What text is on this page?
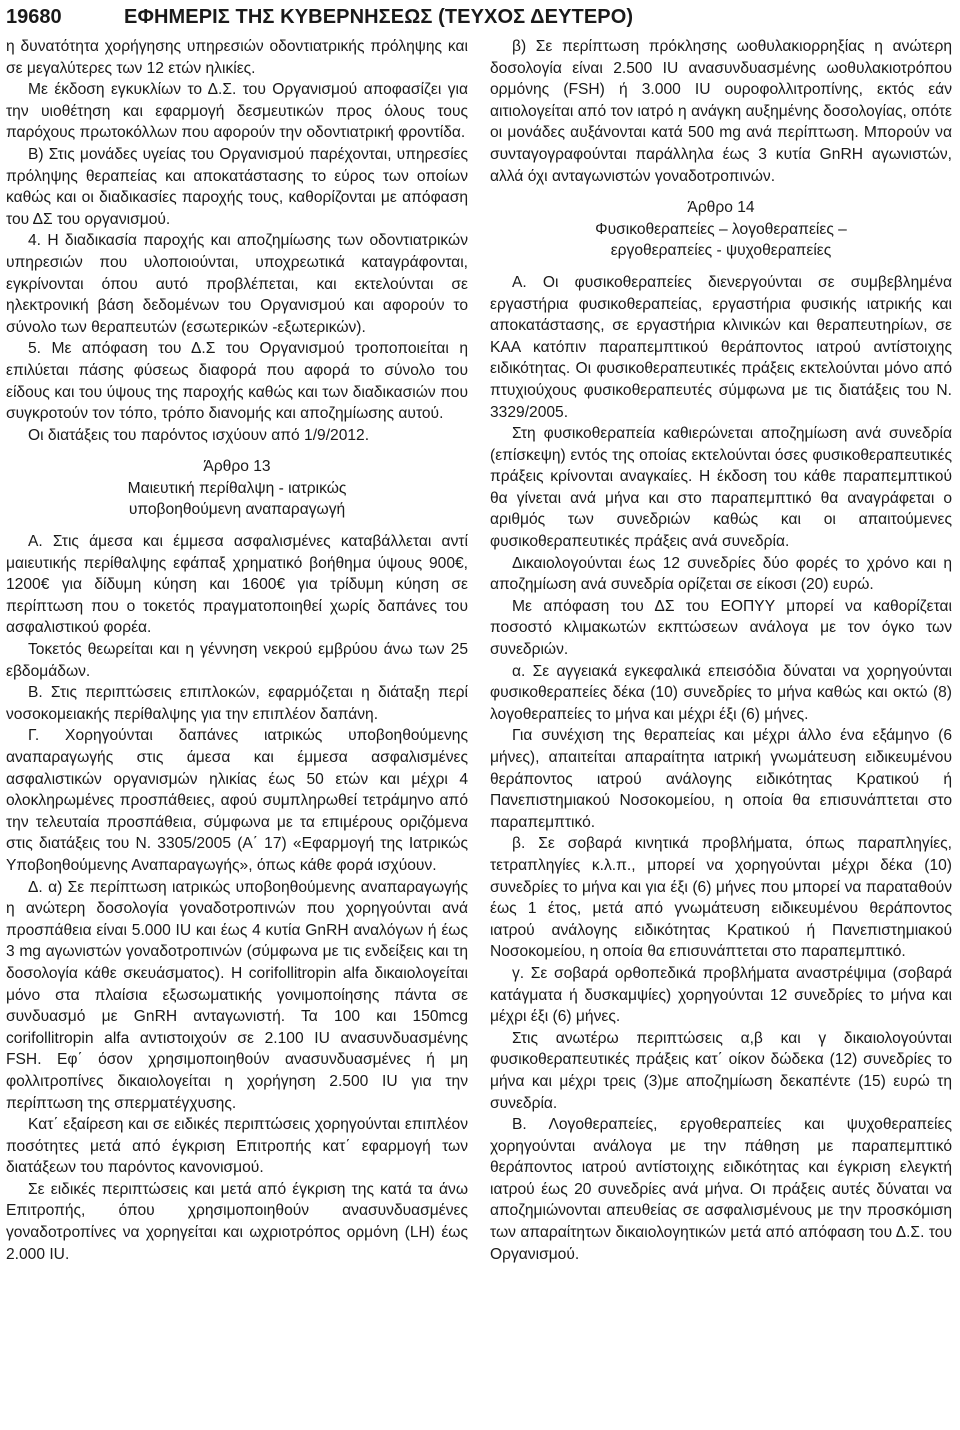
19680	ΕΦΗΜΕΡΙΣ ΤΗΣ ΚΥΒΕΡΝΗΣΕΩΣ (ΤΕΥΧΟΣ ΔΕΥΤΕΡΟ)

η δυνατότητα χορήγησης υπηρεσιών οδοντιατρικής πρόληψης και σε μεγαλύτερες των 12 ετών ηλικίες.

Με έκδοση εγκυκλίων το Δ.Σ. του Οργανισμού αποφασίζει για την υιοθέτηση και εφαρμογή δεσμευτικών προς όλους τους παρόχους πρωτοκόλλων που αφορούν την οδοντιατρική φροντίδα.

Β) Στις μονάδες υγείας του Οργανισμού παρέχονται, υπηρεσίες πρόληψης θεραπείας και αποκατάστασης το εύρος των οποίων καθώς και οι διαδικασίες παροχής τους, καθορίζονται με απόφαση του ΔΣ του οργανισμού.

4. Η διαδικασία παροχής και αποζημίωσης των οδοντιατρικών υπηρεσιών που υλοποιούνται, υποχρεωτικά καταγράφονται, εγκρίνονται όπου αυτό προβλέπεται, και εκτελούνται σε ηλεκτρονική βάση δεδομένων του Οργανισμού και αφορούν το σύνολο των θεραπευτών (εσωτερικών -εξωτερικών).

5. Με απόφαση του Δ.Σ του Οργανισμού τροποποιείται η επιλύεται πάσης φύσεως διαφορά που αφορά το σύνολο του είδους και του ύψους της παροχής καθώς και των διαδικασιών που συγκροτούν τον τόπο, τρόπο διανομής και αποζημίωσης αυτού.

Οι διατάξεις του παρόντος ισχύουν από 1/9/2012.

Άρθρο 13

Μαιευτική περίθαλψη - ιατρικώς

υποβοηθούμενη αναπαραγωγή

Α. Στις άμεσα και έμμεσα ασφαλισμένες καταβάλλεται αντί μαιευτικής περίθαλψης εφάπαξ χρηματικό βοήθημα ύψους 900€, 1200€ για δίδυμη κύηση και 1600€ για τρίδυμη κύηση σε περίπτωση που ο τοκετός πραγματοποιηθεί χωρίς δαπάνες του ασφαλιστικού φορέα.

Τοκετός θεωρείται και η γέννηση νεκρού εμβρύου άνω των 25 εβδομάδων.

Β. Στις περιπτώσεις επιπλοκών, εφαρμόζεται η διάταξη περί νοσοκομειακής περίθαλψης για την επιπλέον δαπάνη.

Γ. Χορηγούνται δαπάνες ιατρικώς υποβοηθούμενης αναπαραγωγής στις άμεσα και έμμεσα ασφαλισμένες ασφαλιστικών οργανισμών ηλικίας έως 50 ετών και μέχρι 4 ολοκληρωμένες προσπάθειες, αφού συμπληρωθεί τετράμηνο από την τελευταία προσπάθεια, σύμφωνα με τα επιμέρους οριζόμενα στις διατάξεις του Ν. 3305/2005 (Α΄ 17) «Εφαρμογή της Ιατρικώς Υποβοηθούμενης Αναπαραγωγής», όπως κάθε φορά ισχύουν.

Δ. α) Σε περίπτωση ιατρικώς υποβοηθούμενης αναπαραγωγής η ανώτερη δοσολογία γοναδοτροπινών που χορηγούνται ανά προσπάθεια είναι 5.000 IU και έως 4 κυτία GnRH αναλόγων ή έως 3 mg αγωνιστών γοναδοτροπινών (σύμφωνα με τις ενδείξεις και τη δοσολογία κάθε σκευάσματος). Η corifollitropin alfa δικαιολογείται μόνο στα πλαίσια εξωσωματικής γονιμοποίησης πάντα σε συνδυασμό με GnRH ανταγωνιστή. Τα 100 και 150mcg corifollitropin alfa αντιστοιχούν σε 2.100 IU ανασυνδυασμένης FSH. Εφ΄ όσον χρησιμοποιηθούν ανασυνδυασμένες ή μη φολλιτροπίνες δικαιολογείται η χορήγηση 2.500 IU για την περίπτωση της σπερματέγχυσης.

Κατ΄ εξαίρεση και σε ειδικές περιπτώσεις χορηγούνται επιπλέον ποσότητες μετά από έγκριση Επιτροπής κατ΄ εφαρμογή των διατάξεων του παρόντος κανονισμού.

Σε ειδικές περιπτώσεις και μετά από έγκριση της κατά τα άνω Επιτροπής, όπου χρησιμοποιηθούν ανασυνδυασμένες γοναδοτροπίνες να χορηγείται και ωχριοτρόπος ορμόνη (LH) έως 2.000 IU.

β) Σε περίπτωση πρόκλησης ωοθυλακιορρηξίας η ανώτερη δοσολογία είναι 2.500 IU ανασυνδυασμένης ωοθυλακιοτρόπου ορμόνης (FSH) ή 3.000 IU ουροφολλιτροπίνης, εκτός εάν αιτιολογείται από τον ιατρό η ανάγκη αυξημένης δοσολογίας, οπότε οι μονάδες αυξάνονται κατά 500 mg ανά περίπτωση. Μπορούν να συνταγογραφούνται παράλληλα έως 3 κυτία GnRH αγωνιστών, αλλά όχι ανταγωνιστών γοναδοτροπινών.

Άρθρο 14

Φυσικοθεραπείες – λογοθεραπείες –

εργοθεραπείες - ψυχοθεραπείες

Α. Οι φυσικοθεραπείες διενεργούνται σε συμβεβλημένα εργαστήρια φυσικοθεραπείας, εργαστήρια φυσικής ιατρικής και αποκατάστασης, σε εργαστήρια κλινικών και θεραπευτηρίων, σε ΚΑΑ κατόπιν παραπεμπτικού θεράποντος ιατρού αντίστοιχης ειδικότητας. Οι φυσικοθεραπευτικές πράξεις εκτελούνται μόνο από πτυχιούχους φυσικοθεραπευτές σύμφωνα με τις διατάξεις του Ν. 3329/2005.

Στη φυσικοθεραπεία καθιερώνεται αποζημίωση ανά συνεδρία (επίσκεψη) εντός της οποίας εκτελούνται όσες φυσικοθεραπευτικές πράξεις κρίνονται αναγκαίες. Η έκδοση του κάθε παραπεμπτικού θα γίνεται ανά μήνα και στο παραπεμπτικό θα αναγράφεται ο αριθμός των συνεδριών καθώς και οι απαιτούμενες φυσικοθεραπευτικές πράξεις ανά συνεδρία.

Δικαιολογούνται έως 12 συνεδρίες δύο φορές το χρόνο και η αποζημίωση ανά συνεδρία ορίζεται σε είκοσι (20) ευρώ.

Με απόφαση του ΔΣ του ΕΟΠΥΥ μπορεί να καθορίζεται ποσοστό κλιμακωτών εκπτώσεων ανάλογα με τον όγκο των συνεδριών.

α. Σε αγγειακά εγκεφαλικά επεισόδια δύναται να χορηγούνται φυσικοθεραπείες δέκα (10) συνεδρίες το μήνα καθώς και οκτώ (8) λογοθεραπείες το μήνα και μέχρι έξι (6) μήνες.

Για συνέχιση της θεραπείας και μέχρι άλλο ένα εξάμηνο (6 μήνες), απαιτείται απαραίτητα ιατρική γνωμάτευση ειδικευμένου θεράποντος ιατρού ανάλογης ειδικότητας Κρατικού ή Πανεπιστημιακού Νοσοκομείου, η οποία θα επισυνάπτεται στο παραπεμπτικό.

β. Σε σοβαρά κινητικά προβλήματα, όπως παραπληγίες, τετραπληγίες κ.λ.π., μπορεί να χορηγούνται μέχρι δέκα (10) συνεδρίες το μήνα και για έξι (6) μήνες που μπορεί να παραταθούν έως 1 έτος, μετά από γνωμάτευση ειδικευμένου θεράποντος ιατρού ανάλογης ειδικότητας Κρατικού ή Πανεπιστημιακού Νοσοκομείου, η οποία θα επισυνάπτεται στο παραπεμπτικό.

γ. Σε σοβαρά ορθοπεδικά προβλήματα αναστρέψιμα (σοβαρά κατάγματα ή δυσκαμψίες) χορηγούνται 12 συνεδρίες το μήνα και μέχρι έξι (6) μήνες.

Στις ανωτέρω περιπτώσεις α,β και γ δικαιολογούνται φυσικοθεραπευτικές πράξεις κατ΄ οίκον δώδεκα (12) συνεδρίες το μήνα και μέχρι τρεις (3)με αποζημίωση δεκαπέντε (15) ευρώ τη συνεδρία.

Β. Λογοθεραπείες, εργοθεραπείες και ψυχοθεραπείες χορηγούνται ανάλογα με την πάθηση με παραπεμπτικό θεράποντος ιατρού αντίστοιχης ειδικότητας και έγκριση ελεγκτή ιατρού έως 20 συνεδρίες ανά μήνα. Οι πράξεις αυτές δύναται να αποζημιώνονται απευθείας σε ασφαλισμένους με την προσκόμιση των απαραίτητων δικαιολογητικών μετά από απόφαση του Δ.Σ. του Οργανισμού.
